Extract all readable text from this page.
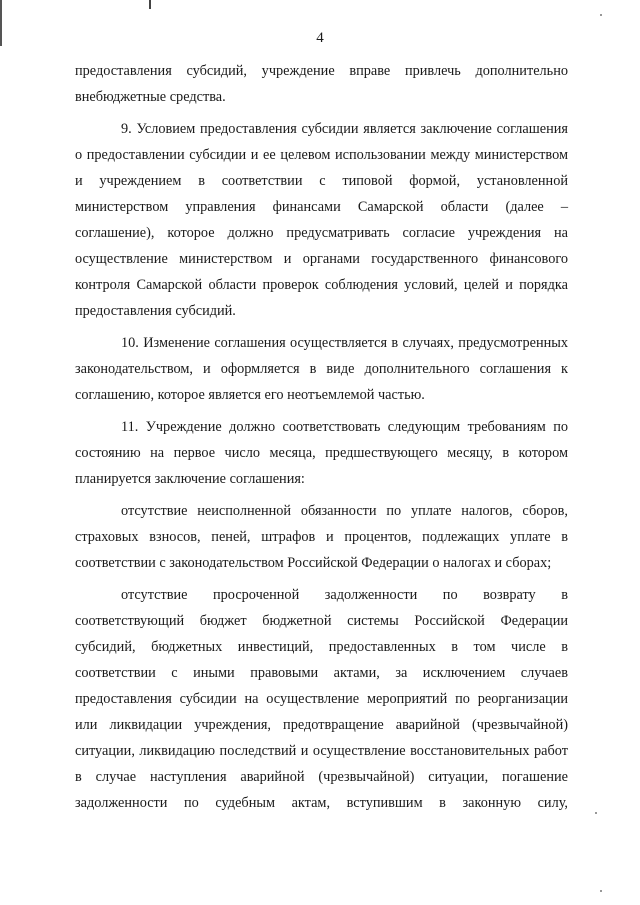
4

предоставления субсидий, учреждение вправе привлечь дополнительно внебюджетные средства.

9. Условием предоставления субсидии является заключение соглашения о предоставлении субсидии и ее целевом использовании между министерством и учреждением в соответствии с типовой формой, установленной министерством управления финансами Самарской области (далее – соглашение), которое должно предусматривать согласие учреждения на осуществление министерством и органами государственного финансового контроля Самарской области проверок соблюдения условий, целей и порядка предоставления субсидий.

10. Изменение соглашения осуществляется в случаях, предусмотренных законодательством, и оформляется в виде дополнительного соглашения к соглашению, которое является его неотъемлемой частью.

11. Учреждение должно соответствовать следующим требованиям по состоянию на первое число месяца, предшествующего месяцу, в котором планируется заключение соглашения:

отсутствие неисполненной обязанности по уплате налогов, сборов, страховых взносов, пеней, штрафов и процентов, подлежащих уплате в соответствии с законодательством Российской Федерации о налогах и сборах;

отсутствие просроченной задолженности по возврату в соответствующий бюджет бюджетной системы Российской Федерации субсидий, бюджетных инвестиций, предоставленных в том числе в соответствии с иными правовыми актами, за исключением случаев предоставления субсидии на осуществление мероприятий по реорганизации или ликвидации учреждения, предотвращение аварийной (чрезвычайной) ситуации, ликвидацию последствий и осуществление восстановительных работ в случае наступления аварийной (чрезвычайной) ситуации, погашение задолженности по судебным актам, вступившим в законную силу,
